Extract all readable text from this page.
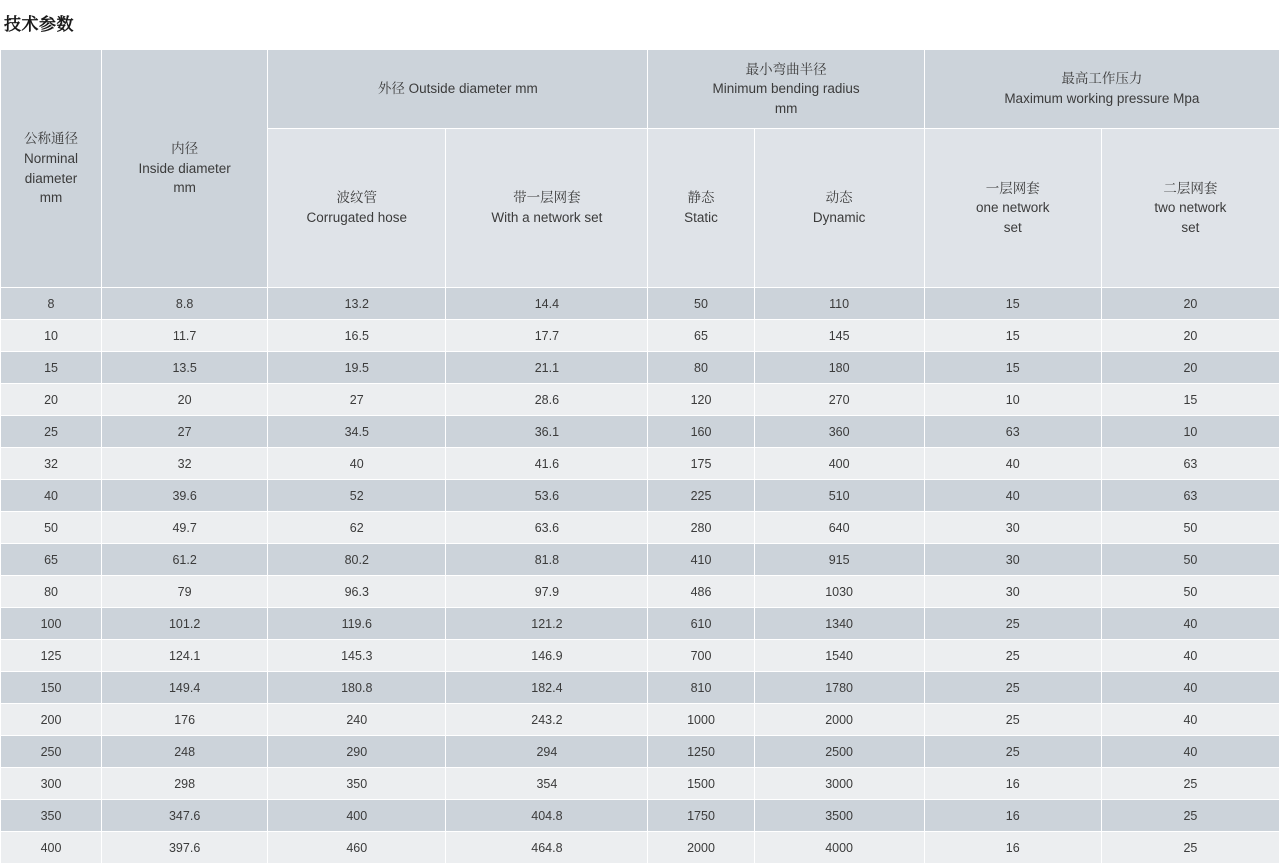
技术参数
公称通径
Norminal
diameter
mm	内径
Inside diameter
mm	外径 Outside diameter mm		最小弯曲半径
Minimum bending radius
mm		最高工作压力
Maximum working pressure Mpa	

		波纹管
Corrugated hose	带一层网套
With a network set	静态
Static	动态
Dynamic	一层网套
one network
set	二层网套
two network
set

8	8.8	13.2	14.4	50	110	15	20
10	11.7	16.5	17.7	65	145	15	20
15	13.5	19.5	21.1	80	180	15	20
20	20	27	28.6	120	270	10	15
25	27	34.5	36.1	160	360	63	10
32	32	40	41.6	175	400	40	63
40	39.6	52	53.6	225	510	40	63
50	49.7	62	63.6	280	640	30	50
65	61.2	80.2	81.8	410	915	30	50
80	79	96.3	97.9	486	1030	30	50
100	101.2	119.6	121.2	610	1340	25	40
125	124.1	145.3	146.9	700	1540	25	40
150	149.4	180.8	182.4	810	1780	25	40
200	176	240	243.2	1000	2000	25	40
250	248	290	294	1250	2500	25	40
300	298	350	354	1500	3000	16	25
350	347.6	400	404.8	1750	3500	16	25
400	397.6	460	464.8	2000	4000	16	25
